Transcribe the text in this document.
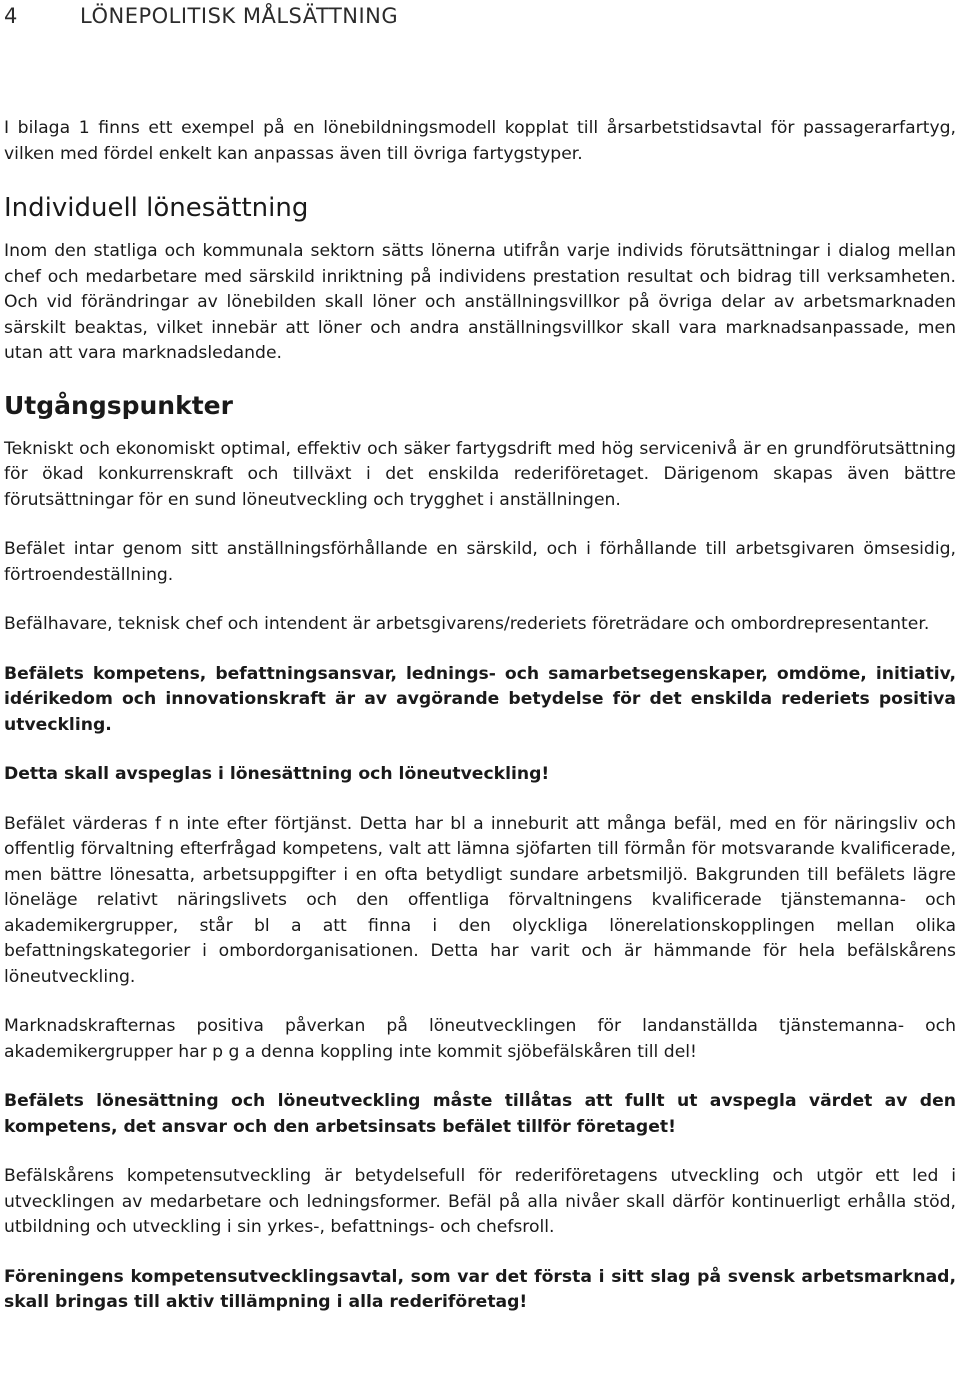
4	LÖNEPOLITISK MÅLSÄTTNING

I bilaga 1 finns ett exempel på en lönebildningsmodell kopplat till årsarbetstidsavtal för passagerarfartyg, vilken med fördel enkelt kan anpassas även till övriga fartygstyper.

Individuell lönesättning

Inom den statliga och kommunala sektorn sätts lönerna utifrån varje individs förutsättningar i dialog mellan chef och medarbetare med särskild inriktning på individens prestation resultat och bidrag till verksamheten. Och vid förändringar av lönebilden skall löner och anställningsvillkor på övriga delar av arbetsmarknaden särskilt beaktas, vilket innebär att löner och andra anställningsvillkor skall vara marknadsanpassade, men utan att vara marknadsledande.

Utgångspunkter

Tekniskt och ekonomiskt optimal, effektiv och säker fartygsdrift med hög servicenivå är en grundförutsättning för ökad konkurrenskraft och tillväxt i det enskilda rederiföretaget. Därigenom skapas även bättre förutsättningar för en sund löneutveckling och trygghet i anställningen.

Befälet intar genom sitt anställningsförhållande en särskild, och i förhållande till arbetsgivaren ömsesidig, förtroendeställning.

Befälhavare, teknisk chef och intendent är arbetsgivarens/rederiets företrädare och ombordrepresentanter.

Befälets kompetens, befattningsansvar, lednings- och samarbetsegenskaper, omdöme, initiativ, idérikedom och innovationskraft är av avgörande betydelse för det enskilda rederiets positiva utveckling.

Detta skall avspeglas i lönesättning och löneutveckling!

Befälet värderas f n inte efter förtjänst. Detta har bl a inneburit att många befäl, med en för näringsliv och offentlig förvaltning efterfrågad kompetens, valt att lämna sjöfarten till förmån för motsvarande kvalificerade, men bättre lönesatta, arbetsuppgifter i en ofta betydligt sundare arbetsmiljö. Bakgrunden till befälets lägre löneläge relativt näringslivets och den offentliga förvaltningens kvalificerade tjänstemanna- och akademikergrupper, står bl a att finna i den olyckliga lönerelationskopplingen mellan olika befattningskategorier i ombordorganisationen. Detta har varit och är hämmande för hela befälskårens löneutveckling.

Marknadskrafternas positiva påverkan på löneutvecklingen för landanställda tjänstemanna- och akademikergrupper har p g a denna koppling inte kommit sjöbefälskåren till del!

Befälets lönesättning och löneutveckling måste tillåtas att fullt ut avspegla värdet av den kompetens, det ansvar och den arbetsinsats befälet tillför företaget!

Befälskårens kompetensutveckling är betydelsefull för rederiföretagens utveckling och utgör ett led i utvecklingen av medarbetare och ledningsformer. Befäl på alla nivåer skall därför kontinuerligt erhålla stöd, utbildning och utveckling i sin yrkes-, befattnings- och chefsroll.

Föreningens kompetensutvecklingsavtal, som var det första i sitt slag på svensk arbetsmarknad, skall bringas till aktiv tillämpning i alla rederiföretag!
